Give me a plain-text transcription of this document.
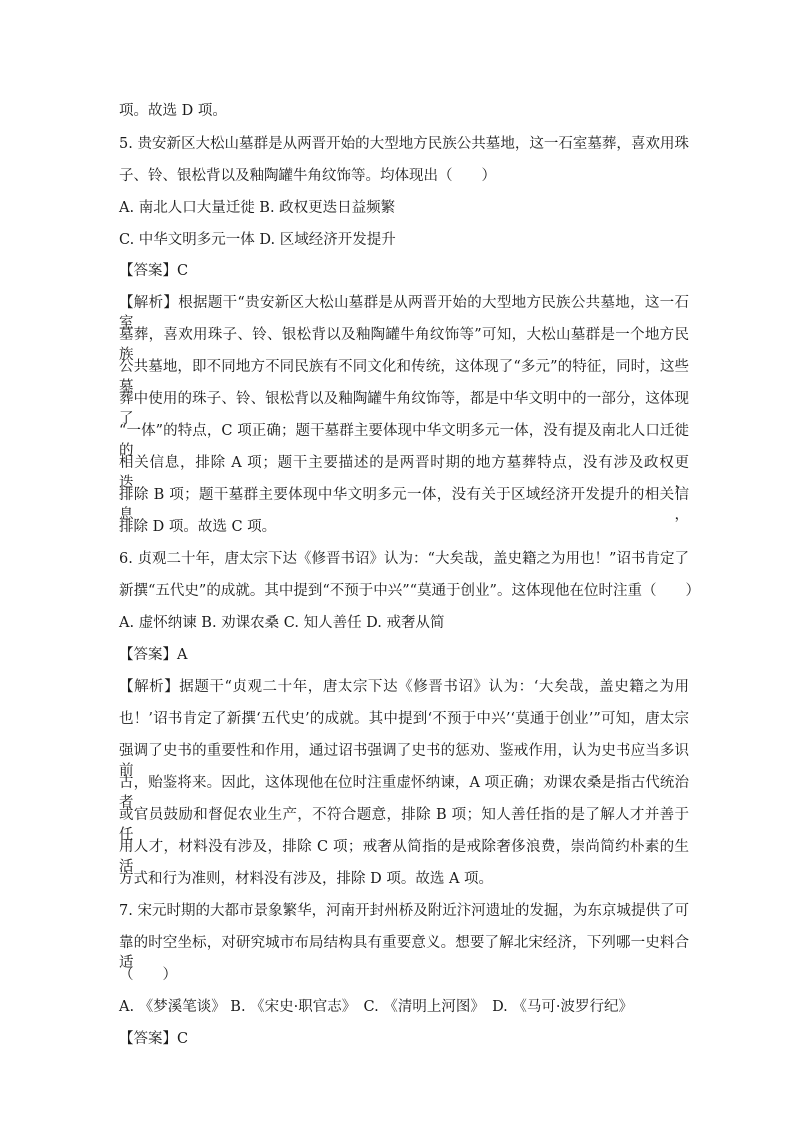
项。故选 D 项。
5. 贵安新区大松山墓群是从两晋开始的大型地方民族公共墓地，这一石室墓葬，喜欢用珠
子、铃、银松背以及釉陶罐牛角纹饰等。均体现出（　　）
A. 南北人口大量迁徙 B. 政权更迭日益频繁
C. 中华文明多元一体 D. 区域经济开发提升
【答案】C
【解析】根据题干“贵安新区大松山墓群是从两晋开始的大型地方民族公共墓地，这一石室
墓葬，喜欢用珠子、铃、银松背以及釉陶罐牛角纹饰等”可知，大松山墓群是一个地方民族
公共墓地，即不同地方不同民族有不同文化和传统，这体现了“多元”的特征，同时，这些墓
葬中使用的珠子、铃、银松背以及釉陶罐牛角纹饰等，都是中华文明中的一部分，这体现了
“一体”的特点，C 项正确；题干墓群主要体现中华文明多元一体，没有提及南北人口迁徙的
相关信息，排除 A 项；题干主要描述的是两晋时期的地方墓葬特点，没有涉及政权更迭，
排除 B 项；题干墓群主要体现中华文明多元一体，没有关于区域经济开发提升的相关信息，
排除 D 项。故选 C 项。
6. 贞观二十年，唐太宗下达《修晋书诏》认为：“大矣哉，盖史籍之为用也！”诏书肯定了
新撰“五代史”的成就。其中提到“不预于中兴”“莫通于创业”。这体现他在位时注重（　　）
A. 虚怀纳谏 B. 劝课农桑 C. 知人善任 D. 戒奢从简
【答案】A
【解析】据题干“贞观二十年，唐太宗下达《修晋书诏》认为：‘大矣哉，盖史籍之为用
也！’诏书肯定了新撰‘五代史’的成就。其中提到‘不预于中兴’‘莫通于创业’”可知，唐太宗
强调了史书的重要性和作用，通过诏书强调了史书的惩劝、鉴戒作用，认为史书应当多识前
古，贻鉴将来。因此，这体现他在位时注重虚怀纳谏，A 项正确；劝课农桑是指古代统治者
或官员鼓励和督促农业生产，不符合题意，排除 B 项；知人善任指的是了解人才并善于任
用人才，材料没有涉及，排除 C 项；戒奢从简指的是戒除奢侈浪费，崇尚简约朴素的生活
方式和行为准则，材料没有涉及，排除 D 项。故选 A 项。
7. 宋元时期的大都市景象繁华，河南开封州桥及附近汴河遗址的发掘，为东京城提供了可
靠的时空坐标，对研究城市布局结构具有重要意义。想要了解北宋经济，下列哪一史料合适
（　　）
A. 《梦溪笔谈》 B. 《宋史·职官志》　C. 《清明上河图》　D. 《马可·波罗行纪》
【答案】C
